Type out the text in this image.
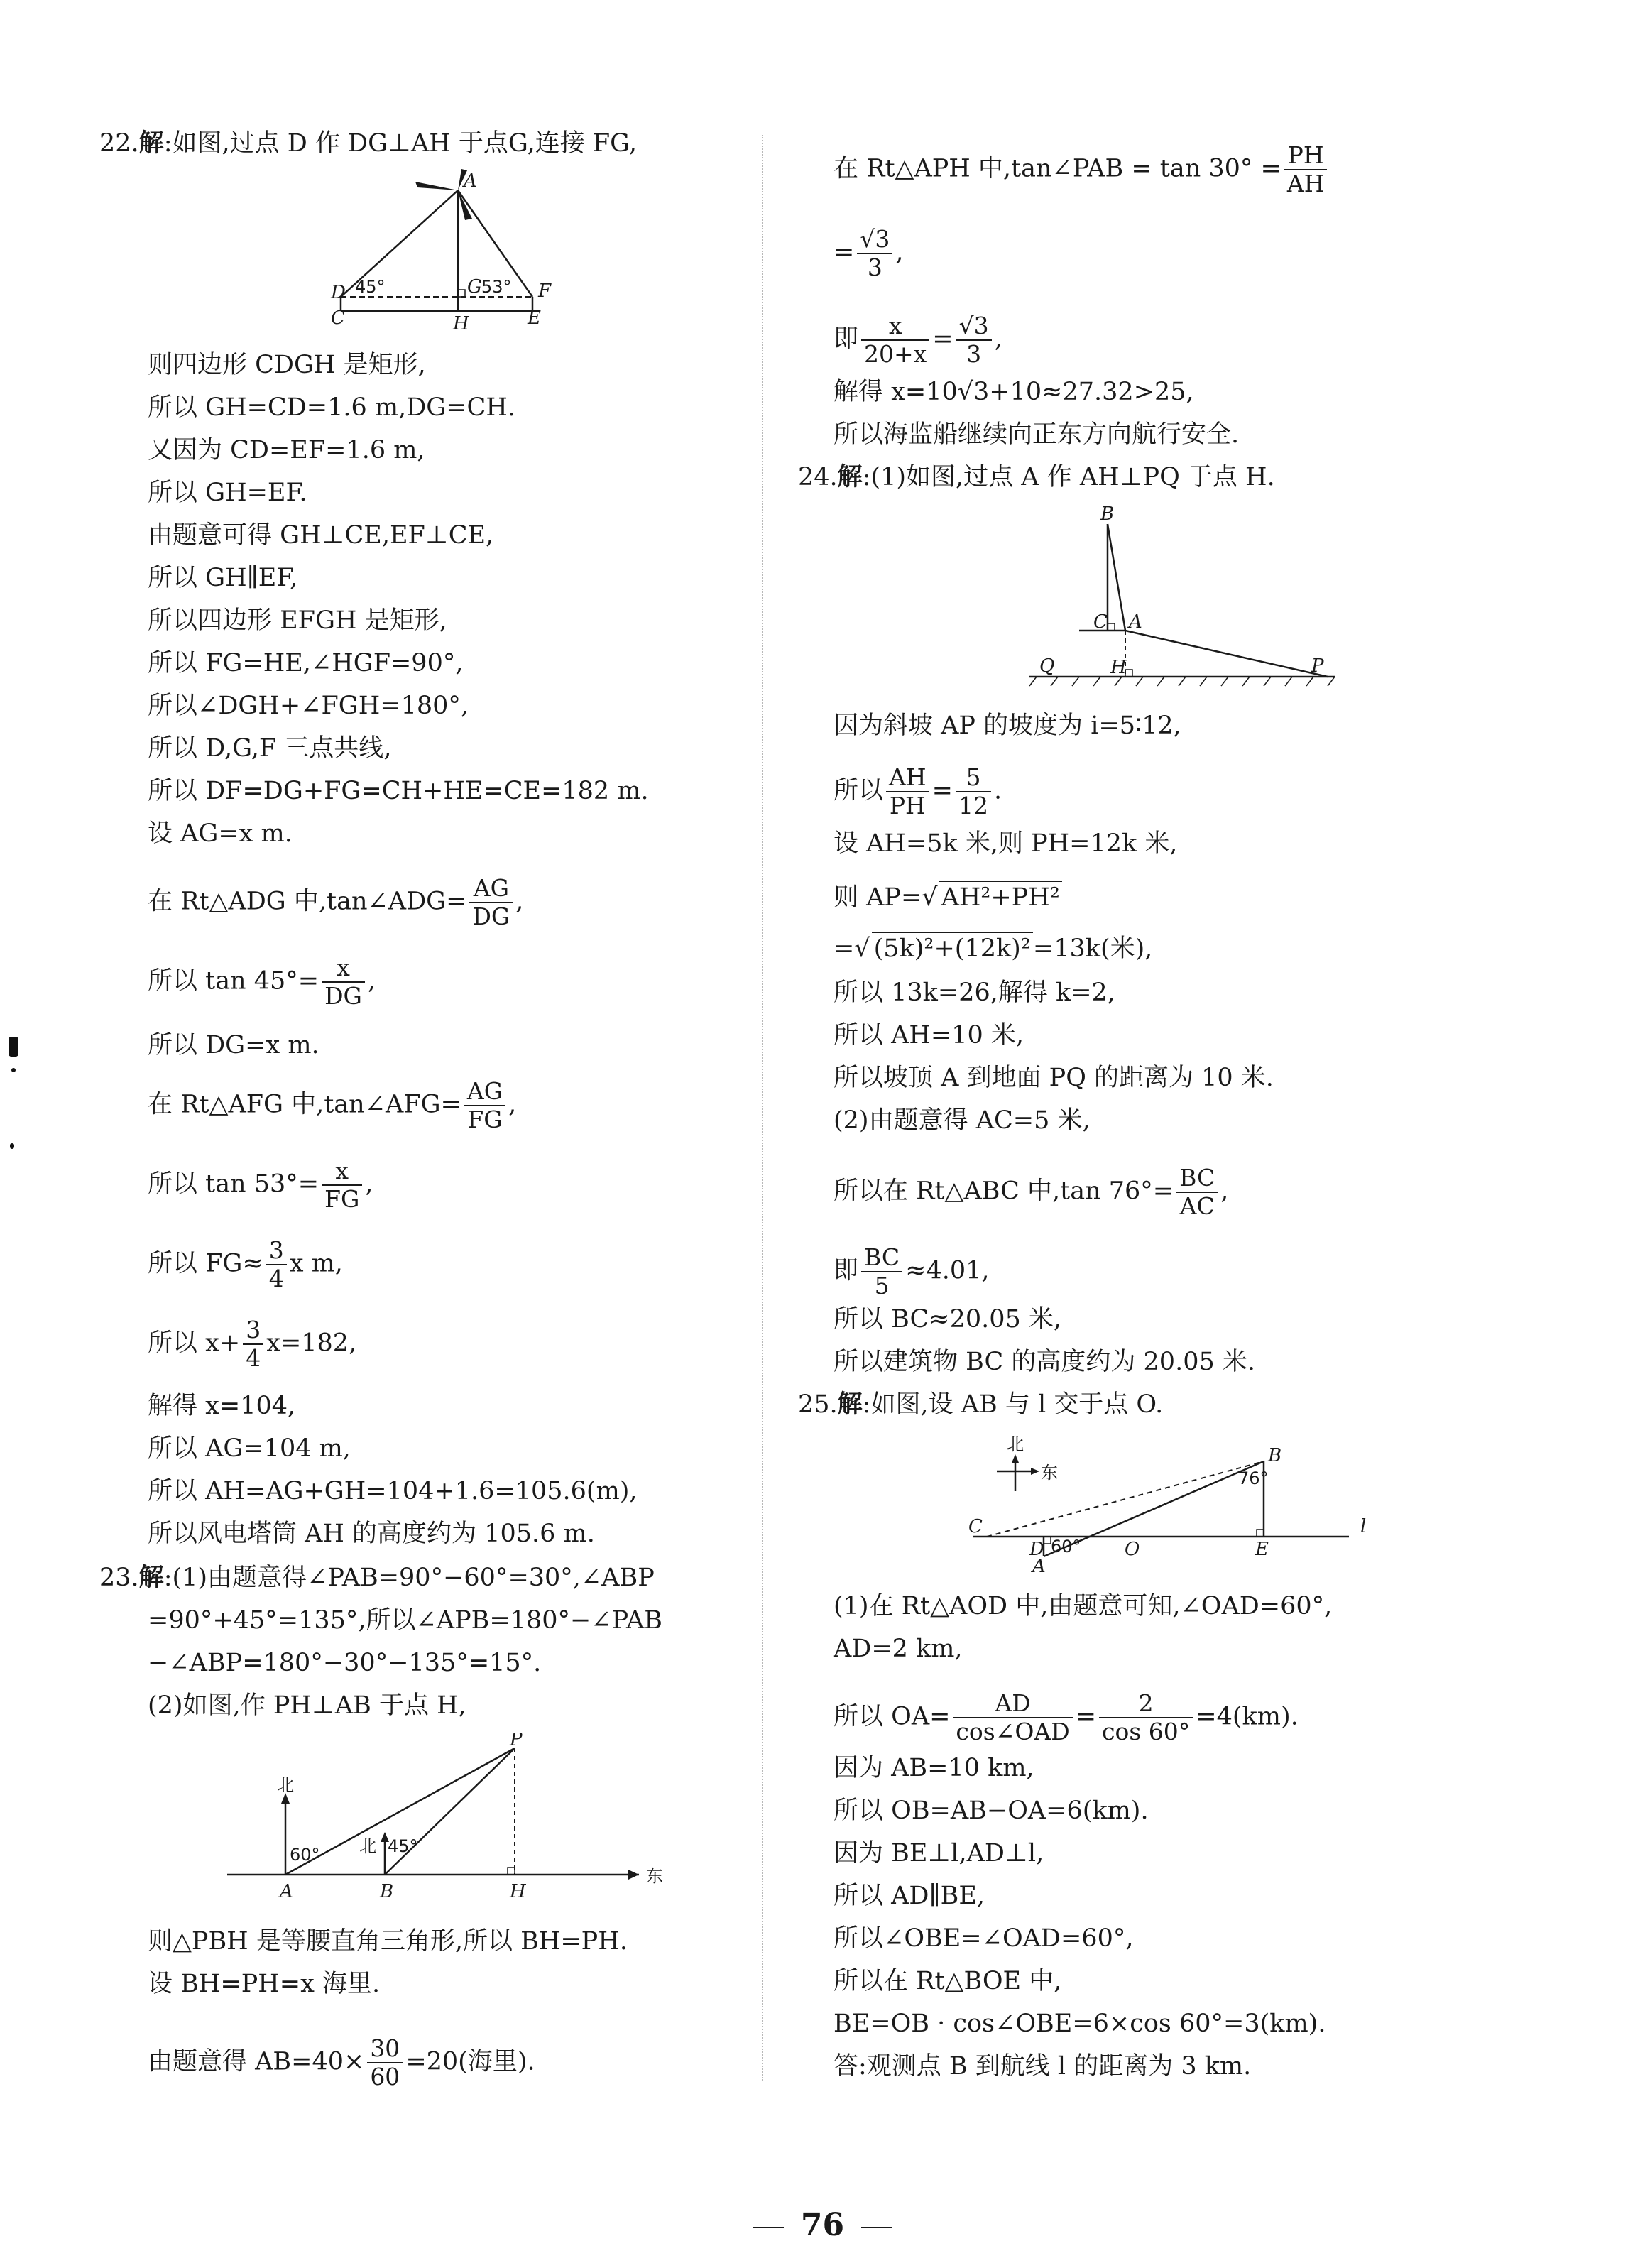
22.解:如图,过点 D 作 DG⊥AH 于点G,连接 FG,
A
D
C
G
H
F
E
45°	53°
则四边形 CDGH 是矩形,
所以 GH=CD=1.6 m,DG=CH.
又因为 CD=EF=1.6 m,
所以 GH=EF.
由题意可得 GH⊥CE,EF⊥CE,
所以 GH∥EF,
所以四边形 EFGH 是矩形,
所以 FG=HE,∠HGF=90°,
所以∠DGH+∠FGH=180°,
所以 D,G,F 三点共线,
所以 DF=DG+FG=CH+HE=CE=182 m.
设 AG=x m.
在 Rt△ADG 中,tan∠ADG= $\frac{AG}{DG}$ ,
所以 $\tan 45^\circ= \frac{x}{DG}$ ,
所以 DG=x m.
在 Rt△AFG 中,tan∠AFG= $\frac{AG}{FG}$ ,
所以 $\tan 53^\circ= \frac{x}{FG}$ ,
所以 $FG\approx \frac{3}{4}$ x m,
所以 $x+ \frac{3}{4} x=182$,
解得 x=104,
所以 AG=104 m,
所以 AH=AG+GH=104+1.6=105.6(m),
所以风电塔筒 AH 的高度约为 105.6 m.
23.解:(1)由题意得∠PAB=90°−60°=30°,∠ABP
=90°+45°=135°,所以∠APB=180°−∠PAB
−∠ABP=180°−30°−135°=15°.
(2)如图,作 PH⊥AB 于点 H,
北
北
东
60°	45°
A	B	H
P
则△PBH 是等腰直角三角形,所以 BH=PH.
设 BH=PH=x 海里.
由题意得 $AB=40\times \frac{30}{60} =20$(海里).
在 Rt△APH 中,tan∠PAB = $\tan 30^\circ = \frac{PH}{AH}$
= $\frac{√3}{3}$ ,
即 $\frac{x}{20+x} = \frac{√3}{3}$ ,
解得 x=10√3+10≈27.32>25,
所以海监船继续向正东方向航行安全.
24.解:(1)如图,过点 A 作 AH⊥PQ 于点 H.
B
C A
Q	H	P
因为斜坡 AP 的坡度为 i=5∶12,
所以 $\frac{AH}{PH} = \frac{5}{12}$ .
设 AH=5k 米,则 PH=12k 米,
则 AP=√ AH²+PH²
=√ (5k)²+(12k)²=13k(米),
所以 13k=26,解得 k=2,
所以 AH=10 米,
所以坡顶 A 到地面 PQ 的距离为 10 米.
(2)由题意得 AC=5 米,
所以在 Rt△ABC 中,tan $76^\circ= \frac{BC}{AC}$ ,
即 $\frac{BC}{5} \approx 4.01$,
所以 BC≈20.05 米,
所以建筑物 BC 的高度约为 20.05 米.
25.解:如图,设 AB 与 l 交于点 O.
北
东
B
C
D	O	E
A
l
76°
60°
(1)在 Rt△AOD 中,由题意可知,∠OAD=60°,
AD=2 km,
所以 $OA= \frac{AD}{\text{cos∠OAD}} = \frac{2}{\cos 60^\circ} =4(km)$.
因为 AB=10 km,
所以 OB=AB−OA=6(km).
因为 BE⊥l,AD⊥l,
所以 AD∥BE,
所以∠OBE=∠OAD=60°,
所以在 Rt△BOE 中,
BE=OB · cos∠OBE=6×cos 60°=3(km).
答:观测点 B 到航线 l 的距离为 3 km.
76
